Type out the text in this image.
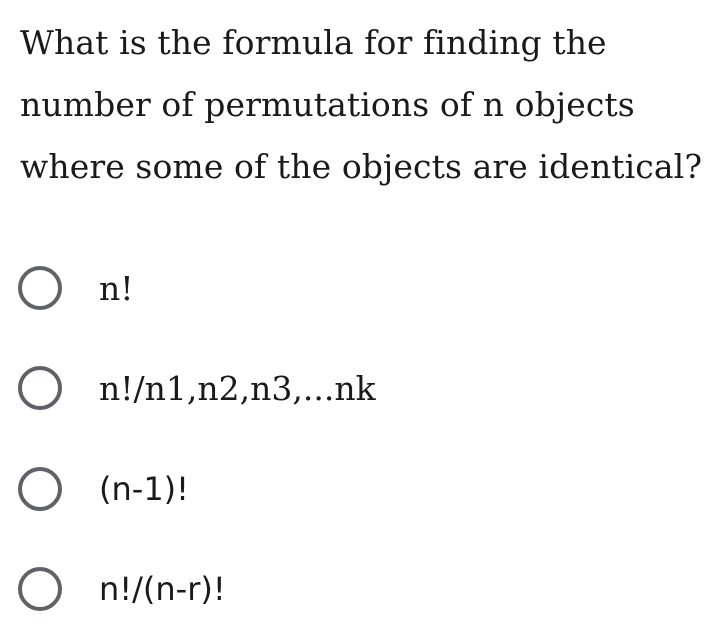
What is the formula for finding the number of permutations of n objects where some of the objects are identical?

n!
n!/n1,n2,n3,...nk
(n-1)!
n!/(n-r)!
